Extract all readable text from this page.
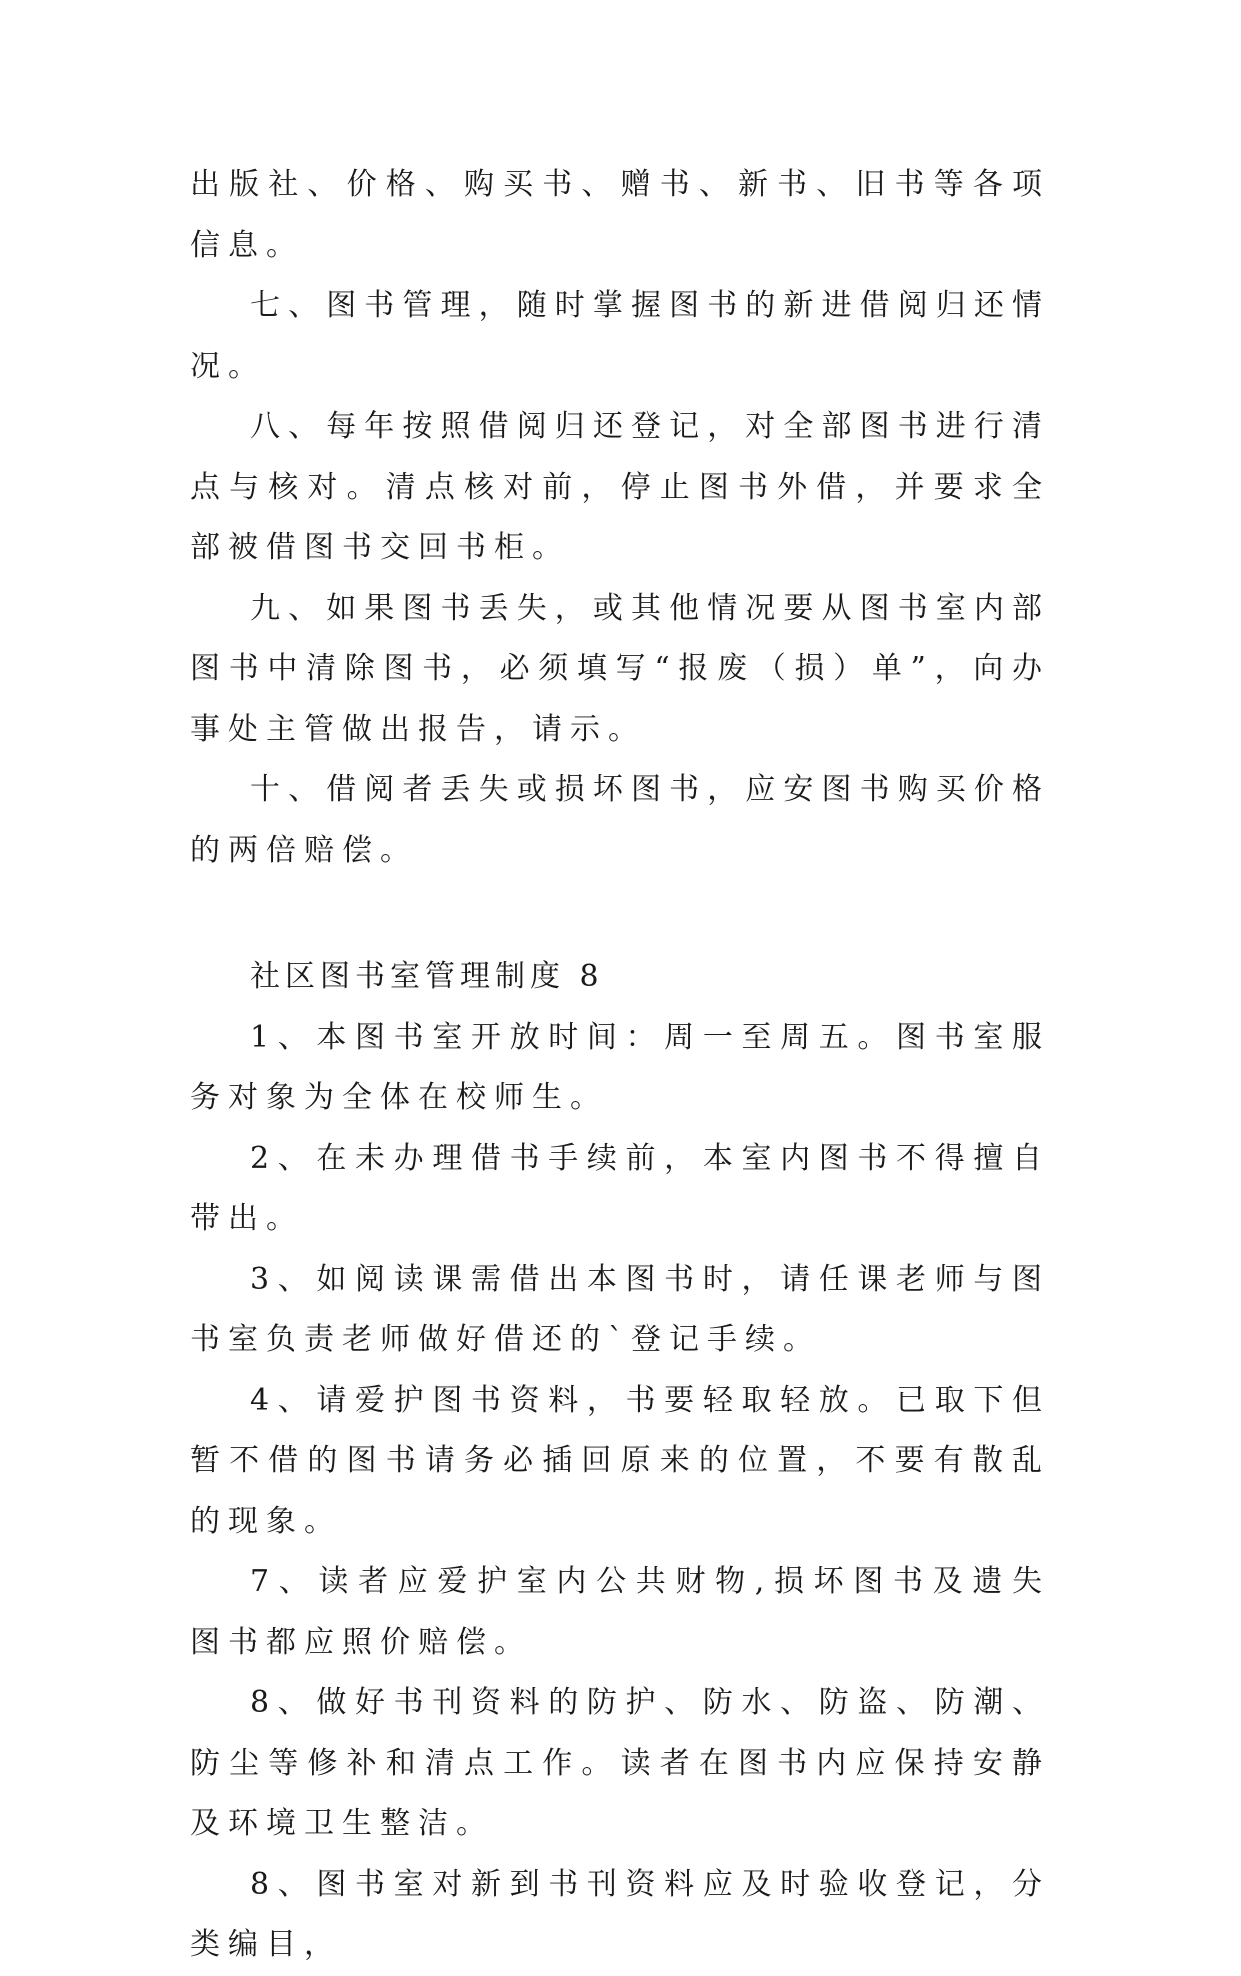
出版社、价格、购买书、赠书、新书、旧书等各项信息。

七、图书管理，随时掌握图书的新进借阅归还情况。

八、每年按照借阅归还登记，对全部图书进行清点与核对。清点核对前，停止图书外借，并要求全部被借图书交回书柜。

九、如果图书丢失，或其他情况要从图书室内部图书中清除图书，必须填写“报废（损）单”，向办事处主管做出报告，请示。

十、借阅者丢失或损坏图书，应安图书购买价格的两倍赔偿。

社区图书室管理制度 8

1、本图书室开放时间：周一至周五。图书室服务对象为全体在校师生。

2、在未办理借书手续前，本室内图书不得擅自带出。

3、如阅读课需借出本图书时，请任课老师与图书室负责老师做好借还的`登记手续。

4、请爱护图书资料，书要轻取轻放。已取下但暂不借的图书请务必插回原来的位置，不要有散乱的现象。

7、读者应爱护室内公共财物,损坏图书及遗失图书都应照价赔偿。

8、做好书刊资料的防护、防水、防盗、防潮、防尘等修补和清点工作。读者在图书内应保持安静及环境卫生整洁。

8、图书室对新到书刊资料应及时验收登记，分类编目，
